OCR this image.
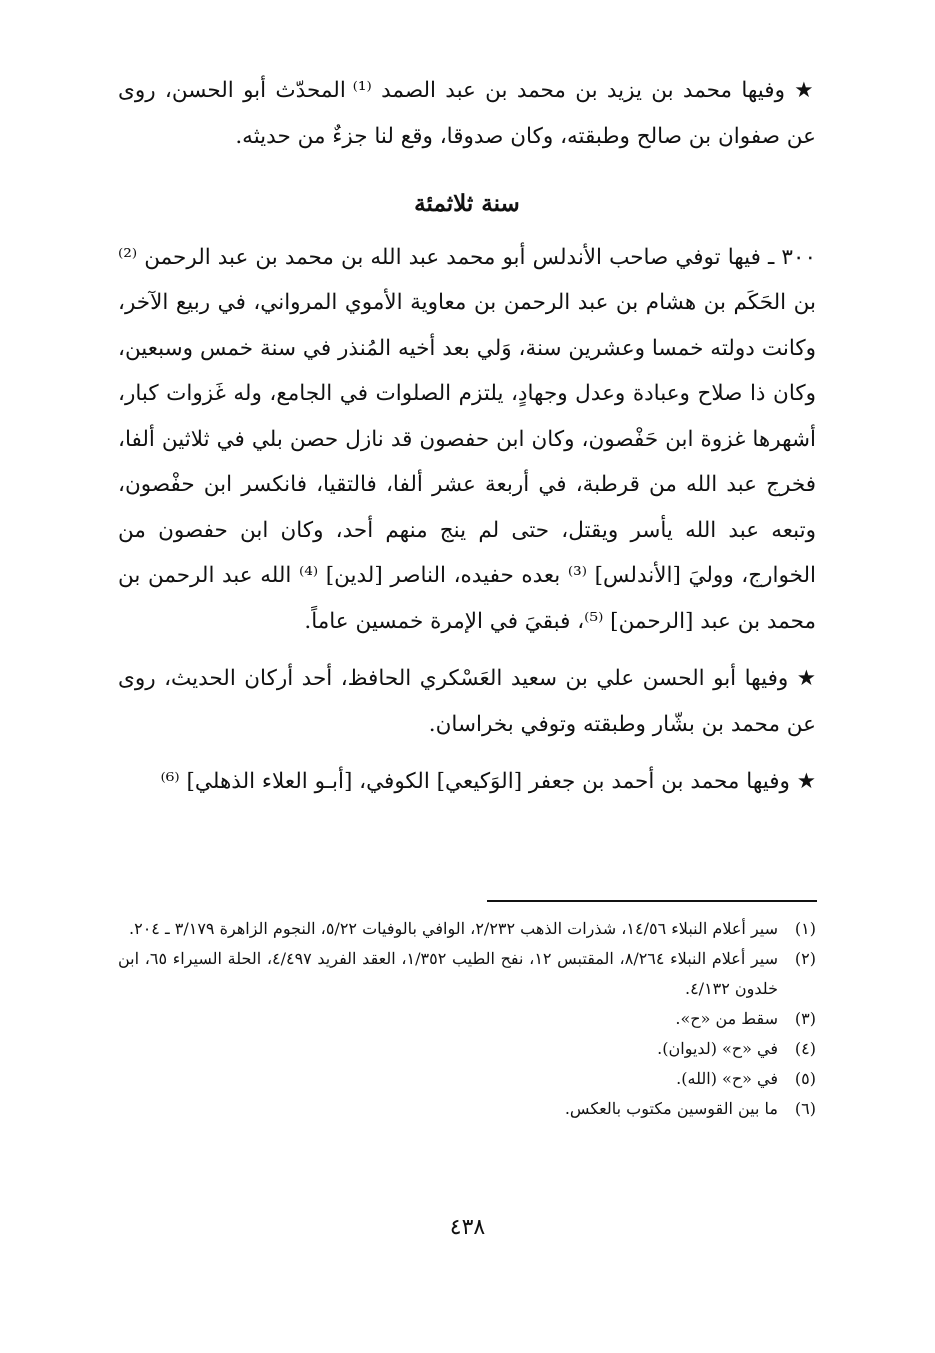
★ وفيها محمد بن يزيد بن محمد بن عبد الصمد ⁽¹⁾ المحدّث أبو الحسن، روى عن صفوان بن صالح وطبقته، وكان صدوقا، وقع لنا جزءٌ من حديثه.

سنة ثلاثمئة

٣٠٠ ـ فيها توفي صاحب الأندلس أبو محمد عبد الله بن محمد بن عبد الرحمن ⁽²⁾ بن الحَكَم بن هشام بن عبد الرحمن بن معاوية الأموي المرواني، في ربيع الآخر، وكانت دولته خمسا وعشرين سنة، وَلي بعد أخيه المُنذر في سنة خمس وسبعين، وكان ذا صلاح وعبادة وعدل وجهادٍ، يلتزم الصلوات في الجامع، وله غَزوات كبار، أشهرها غزوة ابن حَفْصون، وكان ابن حفصون قد نازل حصن بلي في ثلاثين ألفا، فخرج عبد الله من قرطبة، في أربعة عشر ألفا، فالتقيا، فانكسر ابن حفْصون، وتبعه عبد الله يأسر ويقتل، حتى لم ينج منهم أحد، وكان ابن حفصون من الخوارج، ووليَ [الأندلس] ⁽³⁾ بعده حفيده، الناصر [لدين] ⁽⁴⁾ الله عبد الرحمن بن محمد بن عبد [الرحمن] ⁽⁵⁾، فبقيَ في الإمرة خمسين عاماً.

★ وفيها أبو الحسن علي بن سعيد العَسْكري الحافظ، أحد أركان الحديث، روى عن محمد بن بشّار وطبقته وتوفي بخراسان.

★ وفيها محمد بن أحمد بن جعفر [الوَكيعي] الكوفي، [أبـو العلاء الذهلي] ⁽⁶⁾

(١)
سير أعلام النبلاء ١٤/٥٦، شذرات الذهب ٢/٢٣٢، الوافي بالوفيات ٥/٢٢، النجوم الزاهرة ٣/١٧٩ ـ ٢٠٤.
(٢)
سير أعلام النبلاء ٨/٢٦٤، المقتبس ١٢، نفح الطيب ١/٣٥٢، العقد الفريد ٤/٤٩٧، الحلة السيراء ٦٥، ابن خلدون ٤/١٣٢.
(٣)
سقط من «ح».
(٤)
في «ح» (لديوان).
(٥)
في «ح» (الله).
(٦)
ما بين القوسين مكتوب بالعكس.
٤٣٨
